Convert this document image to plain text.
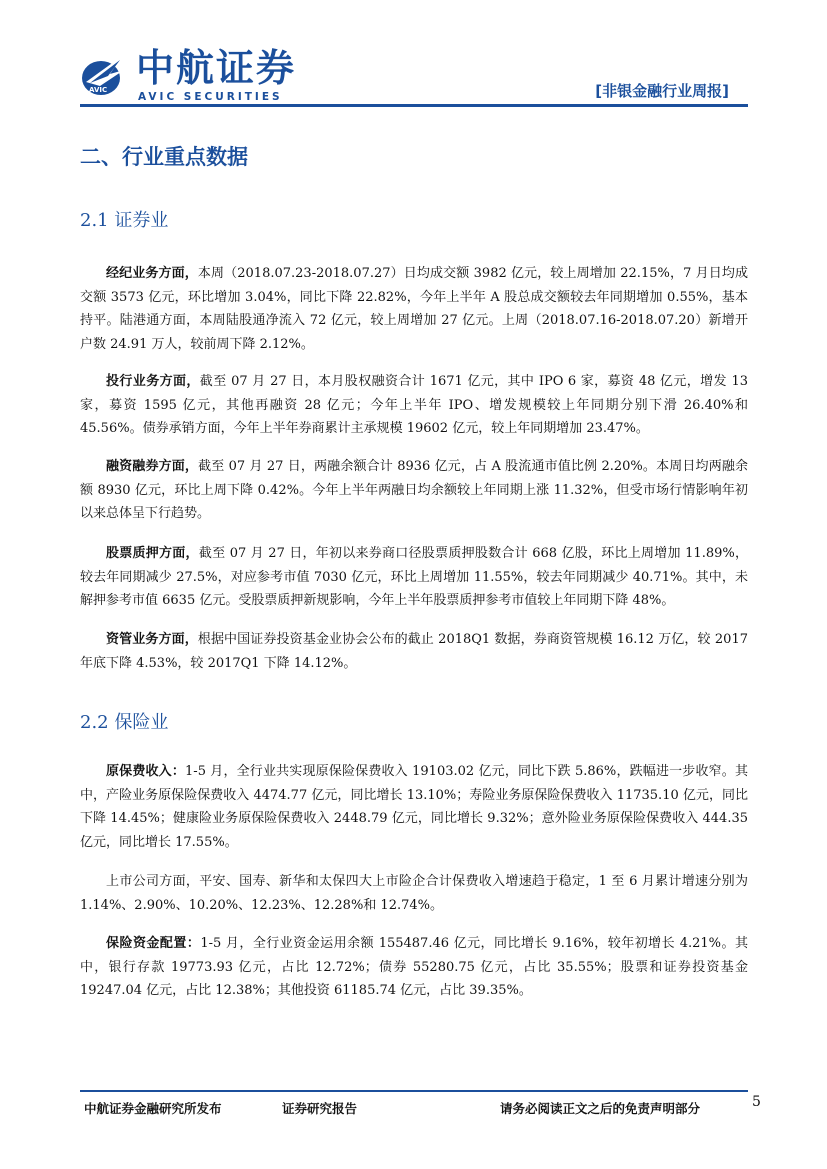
AVIC 中航证券
AVIC SECURITIES	[非银金融行业周报]
二、行业重点数据
2.1 证券业
经纪业务方面，本周（2018.07.23-2018.07.27）日均成交额 3982 亿元，较上周增加 22.15%，7 月日均成交额 3573 亿元，环比增加 3.04%，同比下降 22.82%，今年上半年 A 股总成交额较去年同期增加 0.55%，基本持平。陆港通方面，本周陆股通净流入 72 亿元，较上周增加 27 亿元。上周（2018.07.16-2018.07.20）新增开户数 24.91 万人，较前周下降 2.12%。
投行业务方面，截至 07 月 27 日，本月股权融资合计 1671 亿元，其中 IPO 6 家，募资 48 亿元，增发 13 家，募资 1595 亿元，其他再融资 28 亿元；今年上半年 IPO、增发规模较上年同期分别下滑 26.40%和 45.56%。债券承销方面，今年上半年券商累计主承规模 19602 亿元，较上年同期增加 23.47%。
融资融券方面，截至 07 月 27 日，两融余额合计 8936 亿元，占 A 股流通市值比例 2.20%。本周日均两融余额 8930 亿元，环比上周下降 0.42%。今年上半年两融日均余额较上年同期上涨 11.32%，但受市场行情影响年初以来总体呈下行趋势。
股票质押方面，截至 07 月 27 日，年初以来券商口径股票质押股数合计 668 亿股，环比上周增加 11.89%，较去年同期减少 27.5%，对应参考市值 7030 亿元，环比上周增加 11.55%，较去年同期减少 40.71%。其中，未解押参考市值 6635 亿元。受股票质押新规影响，今年上半年股票质押参考市值较上年同期下降 48%。
资管业务方面，根据中国证券投资基金业协会公布的截止 2018Q1 数据，券商资管规模 16.12 万亿，较 2017 年底下降 4.53%，较 2017Q1 下降 14.12%。
2.2 保险业
原保费收入：1-5 月，全行业共实现原保险保费收入 19103.02 亿元，同比下跌 5.86%，跌幅进一步收窄。其中，产险业务原保险保费收入 4474.77 亿元，同比增长 13.10%；寿险业务原保险保费收入 11735.10 亿元，同比下降 14.45%；健康险业务原保险保费收入 2448.79 亿元，同比增长 9.32%；意外险业务原保险保费收入 444.35 亿元，同比增长 17.55%。
上市公司方面，平安、国寿、新华和太保四大上市险企合计保费收入增速趋于稳定，1 至 6 月累计增速分别为 1.14%、2.90%、10.20%、12.23%、12.28%和 12.74%。
保险资金配置：1-5 月，全行业资金运用余额 155487.46 亿元，同比增长 9.16%，较年初增长 4.21%。其中，银行存款 19773.93 亿元，占比 12.72%；债券 55280.75 亿元，占比 35.55%；股票和证券投资基金 19247.04 亿元，占比 12.38%；其他投资 61185.74 亿元，占比 39.35%。
中航证券金融研究所发布	证券研究报告	请务必阅读正文之后的免责声明部分	5
